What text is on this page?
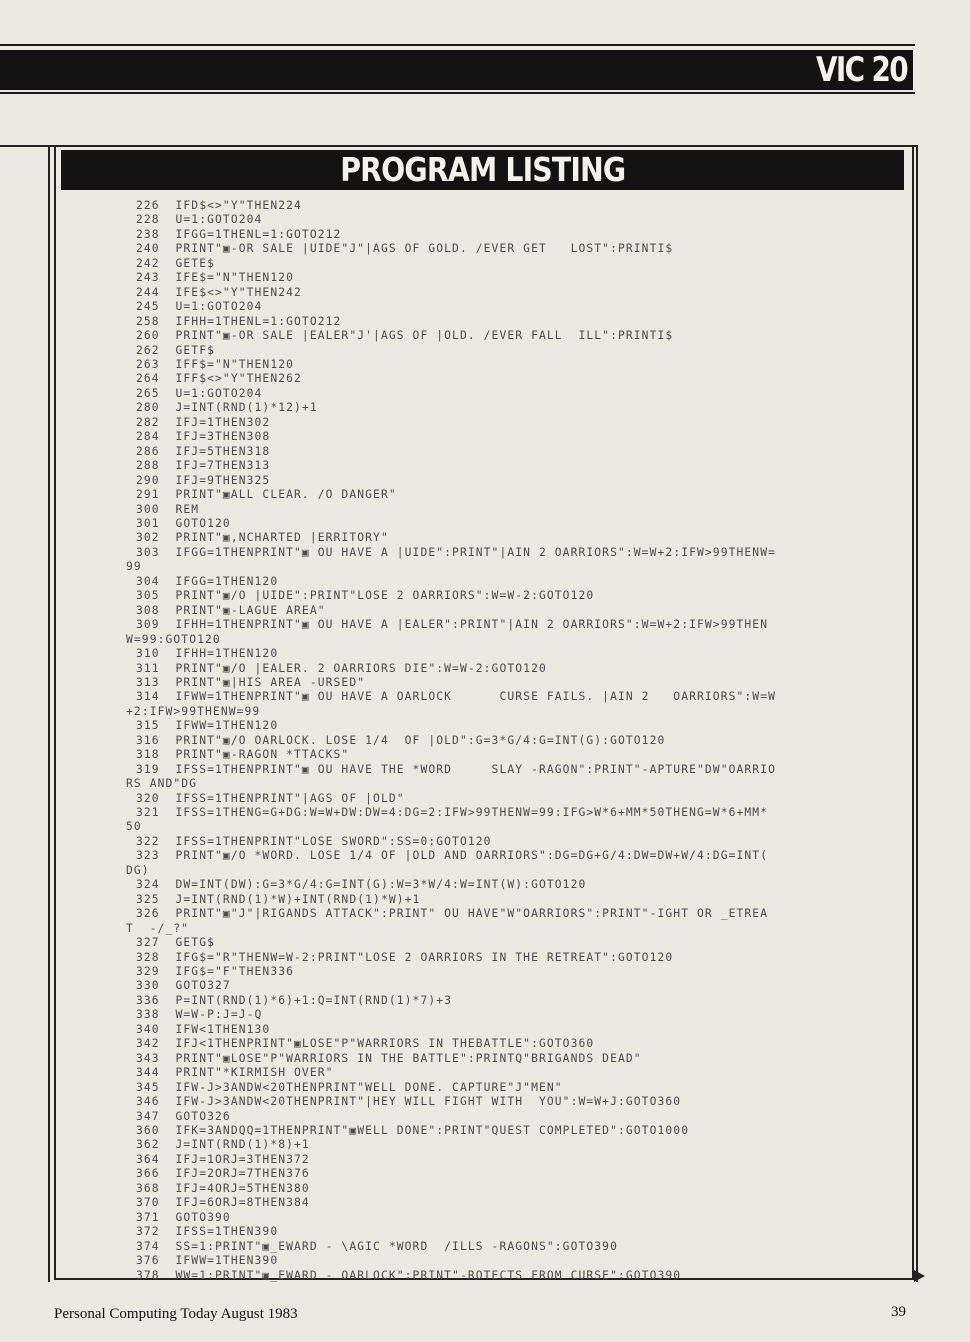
VIC 20
PROGRAM LISTING
226  IFD$<>"Y"THEN224
228  U=1:GOTO204
238  IFGG=1THENL=1:GOTO212
240  PRINT"▣-OR SALE |UIDE"J"|AGS OF GOLD. /EVER GET   LOST":PRINTI$
242  GETE$
243  IFE$="N"THEN120
244  IFE$<>"Y"THEN242
245  U=1:GOTO204
258  IFHH=1THENL=1:GOTO212
260  PRINT"▣-OR SALE |EALER"J'|AGS OF |OLD. /EVER FALL  ILL":PRINTI$
262  GETF$
263  IFF$="N"THEN120
264  IFF$<>"Y"THEN262
265  U=1:GOTO204
280  J=INT(RND(1)*12)+1
282  IFJ=1THEN302
284  IFJ=3THEN308
286  IFJ=5THEN318
288  IFJ=7THEN313
290  IFJ=9THEN325
291  PRINT"▣ALL CLEAR. /O DANGER"
300  REM
301  GOTO120
302  PRINT"▣,NCHARTED |ERRITORY"
303  IFGG=1THENPRINT"▣ OU HAVE A |UIDE":PRINT"|AIN 2 OARRIORS":W=W+2:IFW>99THENW=
99
304  IFGG=1THEN120
305  PRINT"▣/O |UIDE":PRINT"LOSE 2 OARRIORS":W=W-2:GOTO120
308  PRINT"▣-LAGUE AREA"
309  IFHH=1THENPRINT"▣ OU HAVE A |EALER":PRINT"|AIN 2 OARRIORS":W=W+2:IFW>99THEN
W=99:GOTO120
310  IFHH=1THEN120
311  PRINT"▣/O |EALER. 2 OARRIORS DIE":W=W-2:GOTO120
313  PRINT"▣|HIS AREA -URSED"
314  IFWW=1THENPRINT"▣ OU HAVE A OARLOCK      CURSE FAILS. |AIN 2   OARRIORS":W=W
+2:IFW>99THENW=99
315  IFWW=1THEN120
316  PRINT"▣/O OARLOCK. LOSE 1/4  OF |OLD":G=3*G/4:G=INT(G):GOTO120
318  PRINT"▣-RAGON *TTACKS"
319  IFSS=1THENPRINT"▣ OU HAVE THE *WORD     SLAY -RAGON":PRINT"-APTURE"DW"OARRIO
RS AND"DG
320  IFSS=1THENPRINT"|AGS OF |OLD"
321  IFSS=1THENG=G+DG:W=W+DW:DW=4:DG=2:IFW>99THENW=99:IFG>W*6+MM*50THENG=W*6+MM*
50
322  IFSS=1THENPRINT"LOSE SWORD":SS=0:GOTO120
323  PRINT"▣/O *WORD. LOSE 1/4 OF |OLD AND OARRIORS":DG=DG+G/4:DW=DW+W/4:DG=INT(
DG)
324  DW=INT(DW):G=3*G/4:G=INT(G):W=3*W/4:W=INT(W):GOTO120
325  J=INT(RND(1)*W)+INT(RND(1)*W)+1
326  PRINT"▣"J"|RIGANDS ATTACK":PRINT" OU HAVE"W"OARRIORS":PRINT"-IGHT OR _ETREA
T  -/_?"
327  GETG$
328  IFG$="R"THENW=W-2:PRINT"LOSE 2 OARRIORS IN THE RETREAT":GOTO120
329  IFG$="F"THEN336
330  GOTO327
336  P=INT(RND(1)*6)+1:Q=INT(RND(1)*7)+3
338  W=W-P:J=J-Q
340  IFW<1THEN130
342  IFJ<1THENPRINT"▣LOSE"P"WARRIORS IN THEBATTLE":GOTO360
343  PRINT"▣LOSE"P"WARRIORS IN THE BATTLE":PRINTQ"BRIGANDS DEAD"
344  PRINT"*KIRMISH OVER"
345  IFW-J>3ANDW<20THENPRINT"WELL DONE. CAPTURE"J"MEN"
346  IFW-J>3ANDW<20THENPRINT"|HEY WILL FIGHT WITH  YOU":W=W+J:GOTO360
347  GOTO326
360  IFK=3ANDQQ=1THENPRINT"▣WELL DONE":PRINT"QUEST COMPLETED":GOTO1000
362  J=INT(RND(1)*8)+1
364  IFJ=1ORJ=3THEN372
366  IFJ=2ORJ=7THEN376
368  IFJ=4ORJ=5THEN380
370  IFJ=6ORJ=8THEN384
371  GOTO390
372  IFSS=1THEN390
374  SS=1:PRINT"▣_EWARD - \AGIC *WORD  /ILLS -RAGONS":GOTO390
376  IFWW=1THEN390
378  WW=1:PRINT"▣_EWARD - OARLOCK":PRINT"-ROTECTS FROM CURSE":GOTO390
Personal Computing Today August 1983	39
